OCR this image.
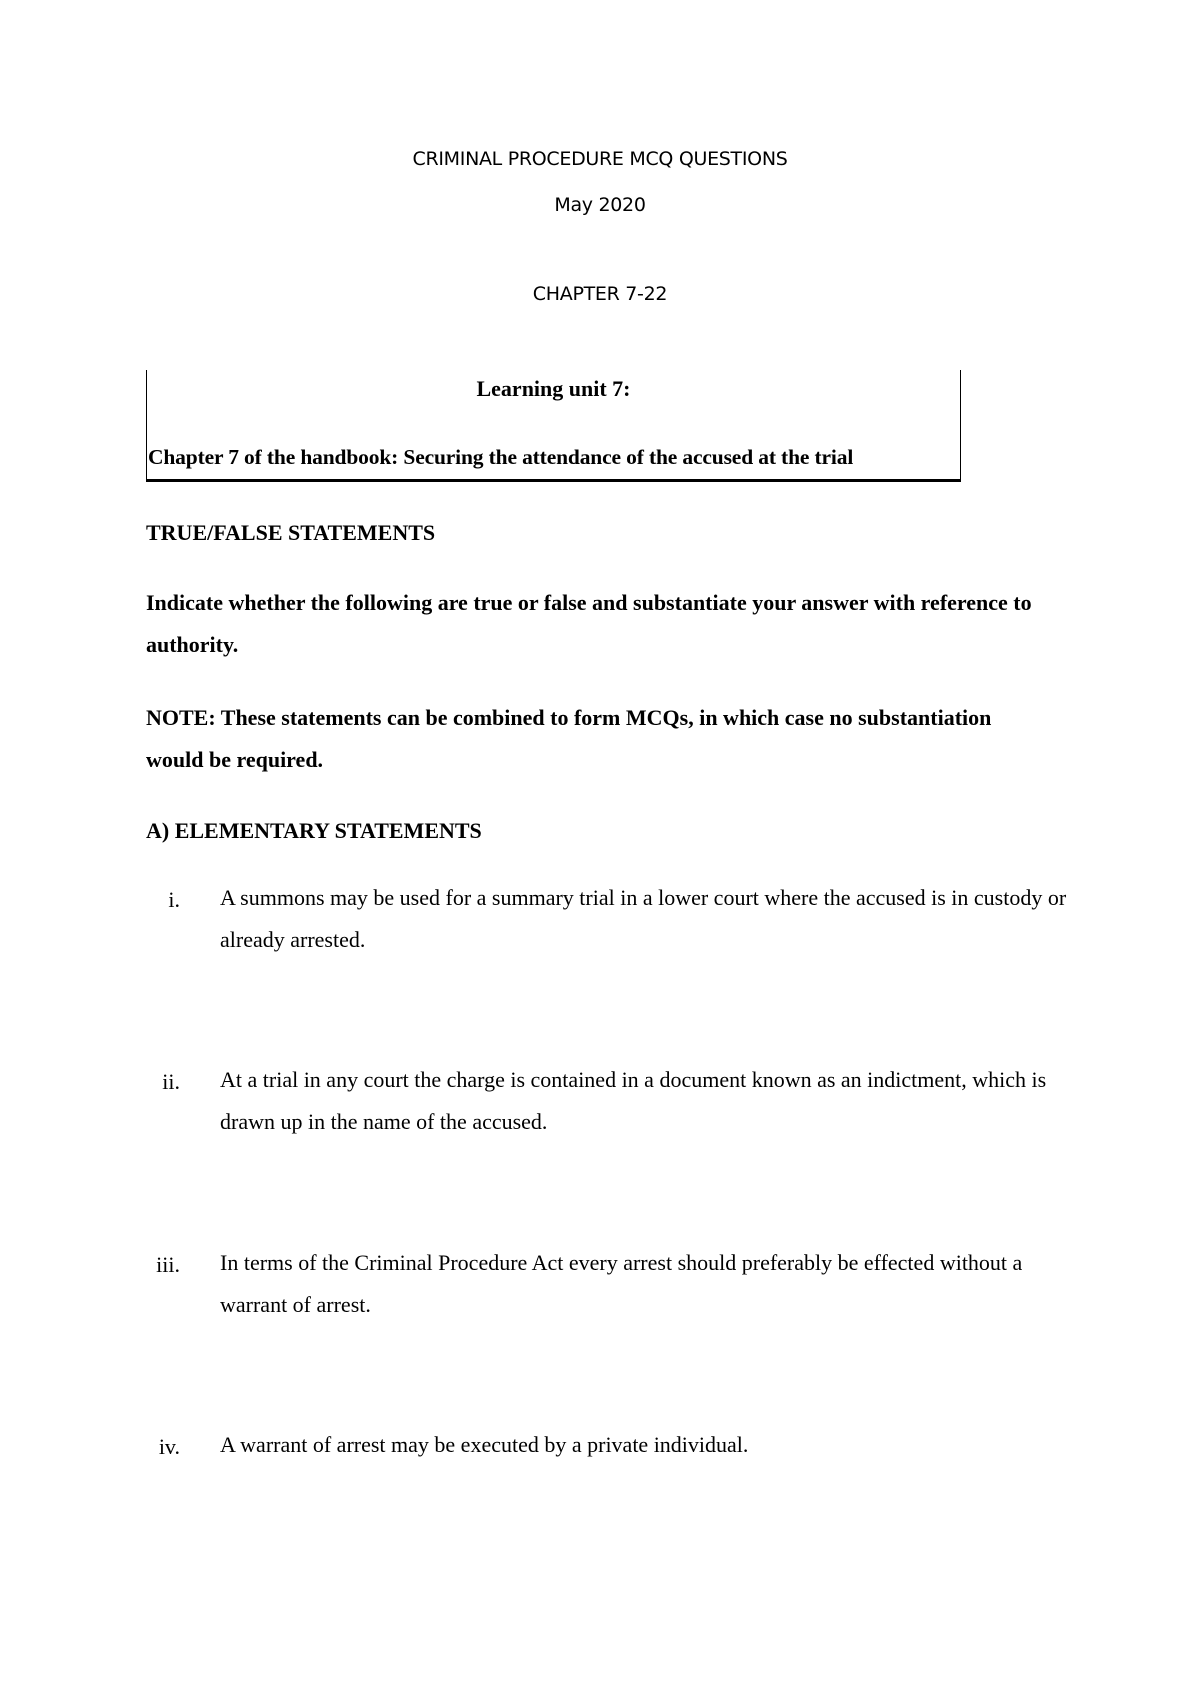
CRIMINAL PROCEDURE MCQ QUESTIONS
May 2020
CHAPTER 7-22
Learning unit 7:
Chapter 7 of the handbook: Securing the attendance of the accused at the trial
TRUE/FALSE STATEMENTS
Indicate whether the following are true or false and substantiate your answer with reference to authority.
NOTE: These statements can be combined to form MCQs, in which case no substantiation would be required.
A) ELEMENTARY STATEMENTS
i. A summons may be used for a summary trial in a lower court where the accused is in custody or already arrested.
ii. At a trial in any court the charge is contained in a document known as an indictment, which is drawn up in the name of the accused.
iii. In terms of the Criminal Procedure Act every arrest should preferably be effected without a warrant of arrest.
iv. A warrant of arrest may be executed by a private individual.
